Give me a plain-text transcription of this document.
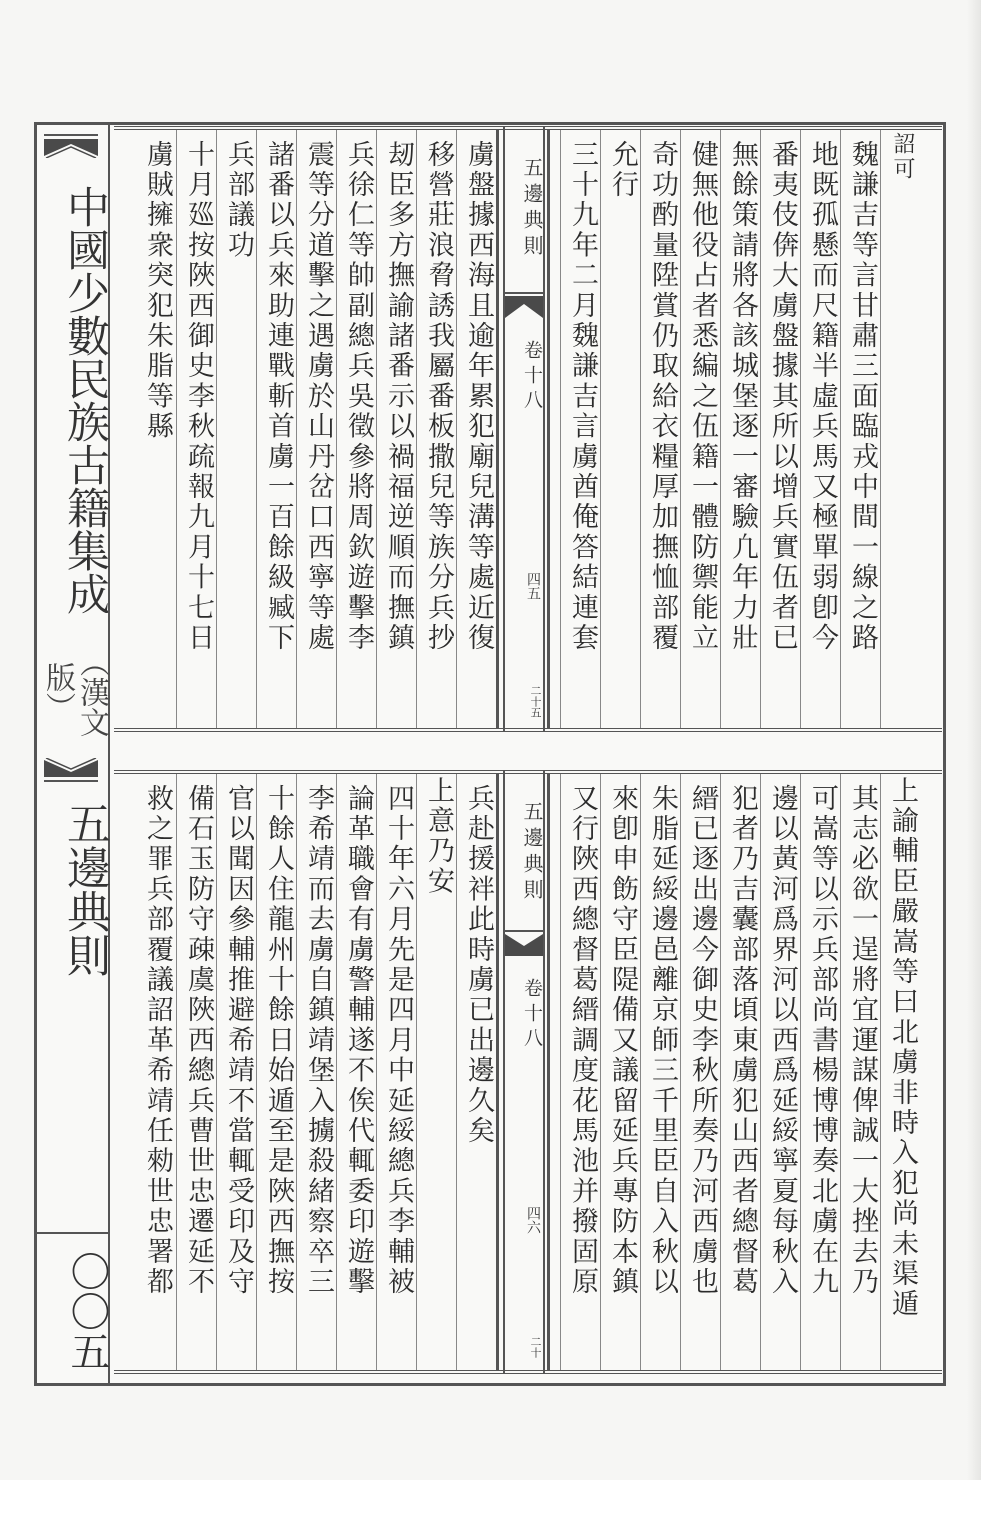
中國少數民族古籍集成
（漢文版）
五邊典則
〇〇五
詔可
魏謙吉等言甘肅三面臨戎中間一線之路
地既孤懸而尺籍半虛兵馬又極單弱卽今
番夷伎倴大虜盤據其所以增兵實伍者已
無餘策請將各該城堡逐一審驗凢年力壯
健無他役占者悉編之伍籍一體防禦能立
奇功酌量陞賞仍取給衣糧厚加撫恤部覆
允行
三十九年二月魏謙吉言虜酋俺答結連套
虜盤據西海且逾年累犯廟兒溝等處近復
移營莊浪脅誘我屬番板撒兒等族分兵抄
刼臣多方撫諭諸番示以禍福逆順而撫鎮
兵徐仁等帥副總兵吳徵參將周欽遊擊李
震等分道擊之遇虜於山丹岔口西寧等處
諸番以兵來助連戰斬首虜一百餘級臧下
兵部議功
十月廵按陜西御史李秋疏報九月十七日
虜賊擁衆突犯朱脂等縣	五邊典則
卷十八
四五
二十五
上諭輔臣嚴嵩等曰北虜非時入犯尚未渠遁
其志必欲一逞將宜運謀俾誠一大挫去乃
可嵩等以示兵部尚書楊博博奏北虜在九
邊以黃河爲界河以西爲延綏寧夏每秋入
犯者乃吉囊部落頃東虜犯山西者總督葛
縉已逐出邊今御史李秋所奏乃河西虜也
朱脂延綏邊邑離京師三千里臣自入秋以
來卽申飭守臣隄備又議留延兵專防本鎮
又行陜西總督葛縉調度花馬池并撥固原
兵赴援袢此時虜已出邊久矣
上意乃安
四十年六月先是四月中延綏總兵李輔被
論革職會有虜警輔遂不俟代輒委印遊擊
李希靖而去虜自鎮靖堡入擄殺緒察卒三
十餘人住龍州十餘日始遁至是陜西撫按
官以聞因參輔推避希靖不當輒受印及守
備石玉防守疎虞陜西總兵曹世忠遷延不
救之罪兵部覆議詔革希靖任勑世忠署都	五邊典則
卷十八
四六
二十
